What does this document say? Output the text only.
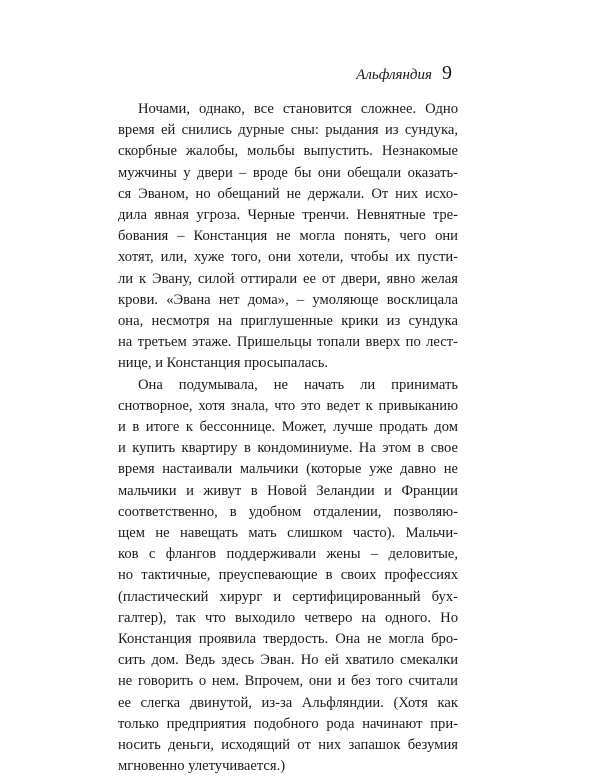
Альфляндия 9

Ночами, однако, все становится сложнее. Одно
время ей снились дурные сны: рыдания из сундука,
скорбные жалобы, мольбы выпустить. Незнакомые
мужчины у двери – вроде бы они обещали оказать-
ся Эваном, но обещаний не держали. От них исхо-
дила явная угроза. Черные тренчи. Невнятные тре-
бования – Констанция не могла понять, чего они
хотят, или, хуже того, они хотели, чтобы их пусти-
ли к Эвану, силой оттирали ее от двери, явно желая
крови. «Эвана нет дома», – умоляюще восклицала
она, несмотря на приглушенные крики из сундука
на третьем этаже. Пришельцы топали вверх по лест-
нице, и Констанция просыпалась.

Она подумывала, не начать ли принимать
снотворное, хотя знала, что это ведет к привыканию
и в итоге к бессоннице. Может, лучше продать дом
и купить квартиру в кондоминиуме. На этом в свое
время настаивали мальчики (которые уже давно не
мальчики и живут в Новой Зеландии и Франции
соответственно, в удобном отдалении, позволяю-
щем не навещать мать слишком часто). Мальчи-
ков с флангов поддерживали жены – деловитые,
но тактичные, преуспевающие в своих профессиях
(пластический хирург и сертифицированный бух-
галтер), так что выходило четверо на одного. Но
Констанция проявила твердость. Она не могла бро-
сить дом. Ведь здесь Эван. Но ей хватило смекалки
не говорить о нем. Впрочем, они и без того считали
ее слегка двинутой, из-за Альфляндии. (Хотя как
только предприятия подобного рода начинают при-
носить деньги, исходящий от них запашок безумия
мгновенно улетучивается.)
